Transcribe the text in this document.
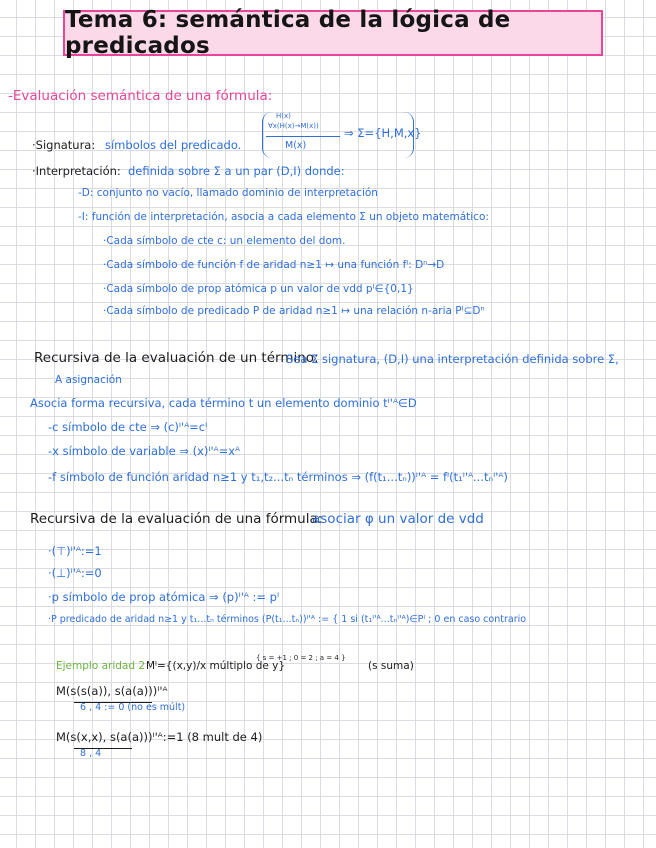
Tema 6: semántica de la lógica de predicados
-Evaluación semántica de una fórmula:
·Signatura: símbolos del predicado.
H(x)
∀x(H(x)→M(x))
M(x)
⇒ Σ={H,M,x}
·Interpretación: definida sobre Σ a un par (D,I) donde:
-D: conjunto no vacío, llamado dominio de interpretación
-I: función de interpretación, asocia a cada elemento Σ un objeto matemático:
·Cada símbolo de cte c: un elemento del dom.
·Cada símbolo de función f de aridad n≥1 ↦ una función fᴵ: Dⁿ→D
·Cada símbolo de prop atómica p un valor de vdd pᴵ∈{0,1}
·Cada símbolo de predicado P de aridad n≥1 ↦ una relación n-aria Pᴵ⊆Dⁿ
Recursiva de la evaluación de un término:
Sea Σ signatura, (D,I) una interpretación definida sobre Σ,
A asignación
Asocia forma recursiva, cada término t un elemento dominio tᴵ'ᴬ∈D
-c símbolo de cte ⇒ (c)ᴵ'ᴬ=cᴵ
-x símbolo de variable ⇒ (x)ᴵ'ᴬ=xᴬ
-f símbolo de función aridad n≥1 y t₁,t₂...tₙ términos ⇒ (f(t₁...tₙ))ᴵ'ᴬ = fᴵ(t₁ᴵ'ᴬ...tₙᴵ'ᴬ)
Recursiva de la evaluación de una fórmula:
asociar φ un valor de vdd
·(⊤)ᴵ'ᴬ:=1
·(⊥)ᴵ'ᴬ:=0
·p símbolo de prop atómica ⇒ (p)ᴵ'ᴬ := pᴵ
·P predicado de aridad n≥1 y t₁...tₙ términos (P(t₁...tₙ))ᴵ'ᴬ := { 1 si (t₁ᴵ'ᴬ...tₙᴵ'ᴬ)∈Pᴵ ; 0 en caso contrario
Ejemplo aridad 2 Mᴵ={(x,y)/x múltiplo de y}
{ s = +1 ; 0 = 2 ; a = 4 }
(s suma)
M(s(s(a)), s(a(a)))ᴵ'ᴬ
6 , 4 := 0 (no es múlt)
M(s(x,x), s(a(a)))ᴵ'ᴬ:=1 (8 mult de 4)
8 , 4
